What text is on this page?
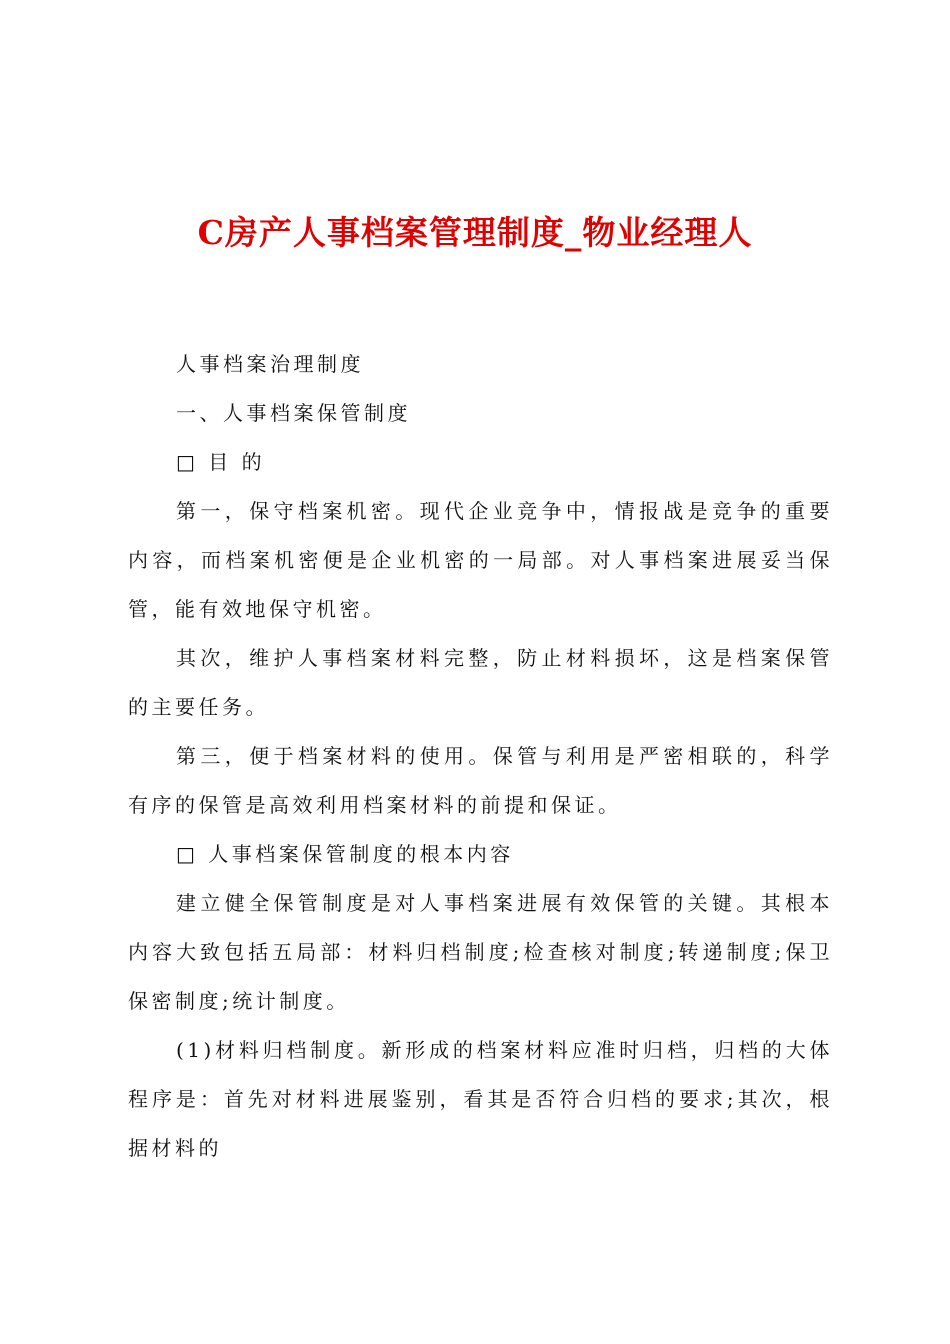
C房产人事档案管理制度_物业经理人

人事档案治理制度

一、人事档案保管制度

□ 目 的

第一，保守档案机密。现代企业竞争中，情报战是竞争的重要内容，而档案机密便是企业机密的一局部。对人事档案进展妥当保管，能有效地保守机密。

其次，维护人事档案材料完整，防止材料损坏，这是档案保管的主要任务。

第三，便于档案材料的使用。保管与利用是严密相联的，科学有序的保管是高效利用档案材料的前提和保证。

□ 人事档案保管制度的根本内容

建立健全保管制度是对人事档案进展有效保管的关键。其根本内容大致包括五局部：材料归档制度;检查核对制度;转递制度;保卫保密制度;统计制度。

(1)材料归档制度。新形成的档案材料应准时归档，归档的大体程序是：首先对材料进展鉴别，看其是否符合归档的要求;其次，根据材料的
